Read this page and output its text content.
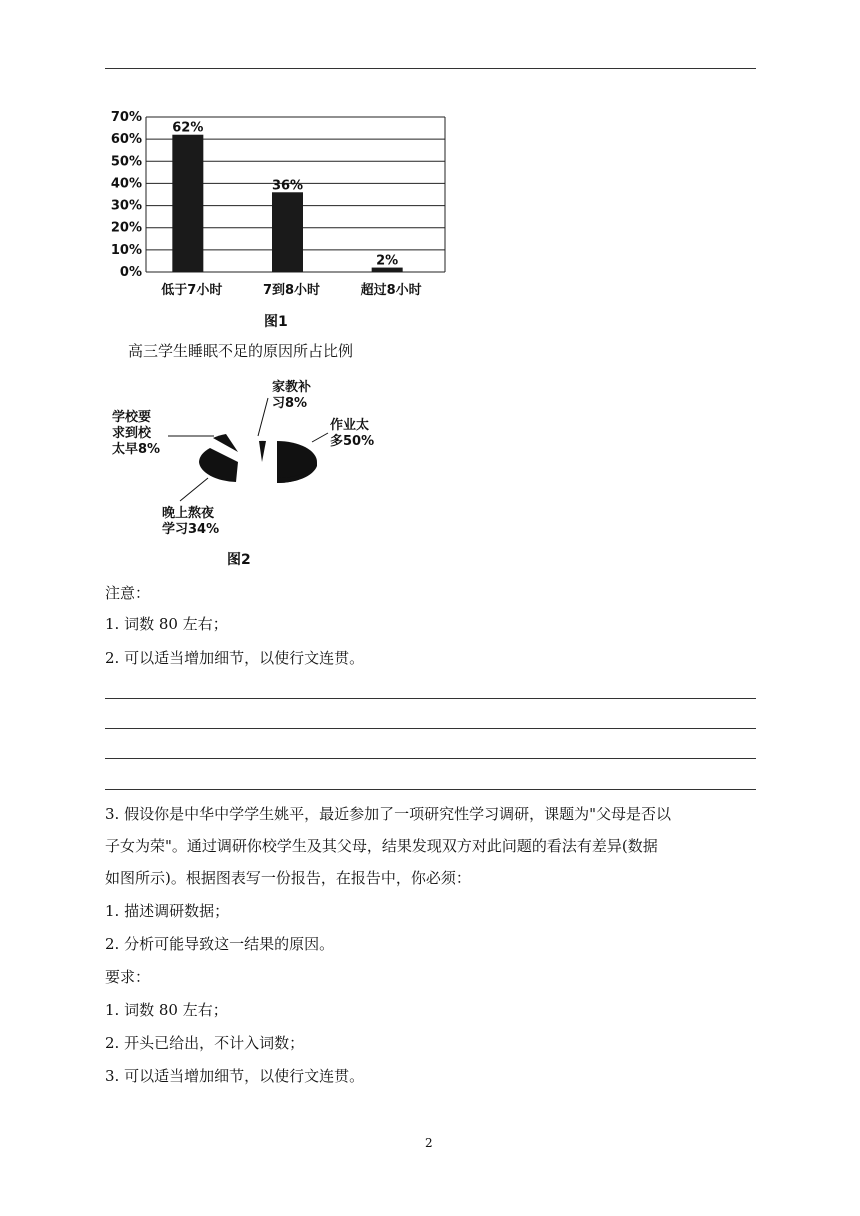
0%
10%
20%
30%
40%
50%
60%
70%
62%
低于7小时
36%
7到8小时
2%
超过8小时
图1
高三学生睡眠不足的原因所占比例
学校要
求到校
太早8%
家教补
习8%
作业太
多50%
晚上熬夜
学习34%
图2
注意：
1. 词数 80 左右；
2. 可以适当增加细节，以使行文连贯。
3. 假设你是中华中学学生姚平，最近参加了一项研究性学习调研，课题为"父母是否以
子女为荣"。通过调研你校学生及其父母，结果发现双方对此问题的看法有差异(数据
如图所示)。根据图表写一份报告，在报告中，你必须：
1. 描述调研数据；
2. 分析可能导致这一结果的原因。
要求：
1. 词数 80 左右；
2. 开头已给出，不计入词数；
3. 可以适当增加细节，以使行文连贯。
2
